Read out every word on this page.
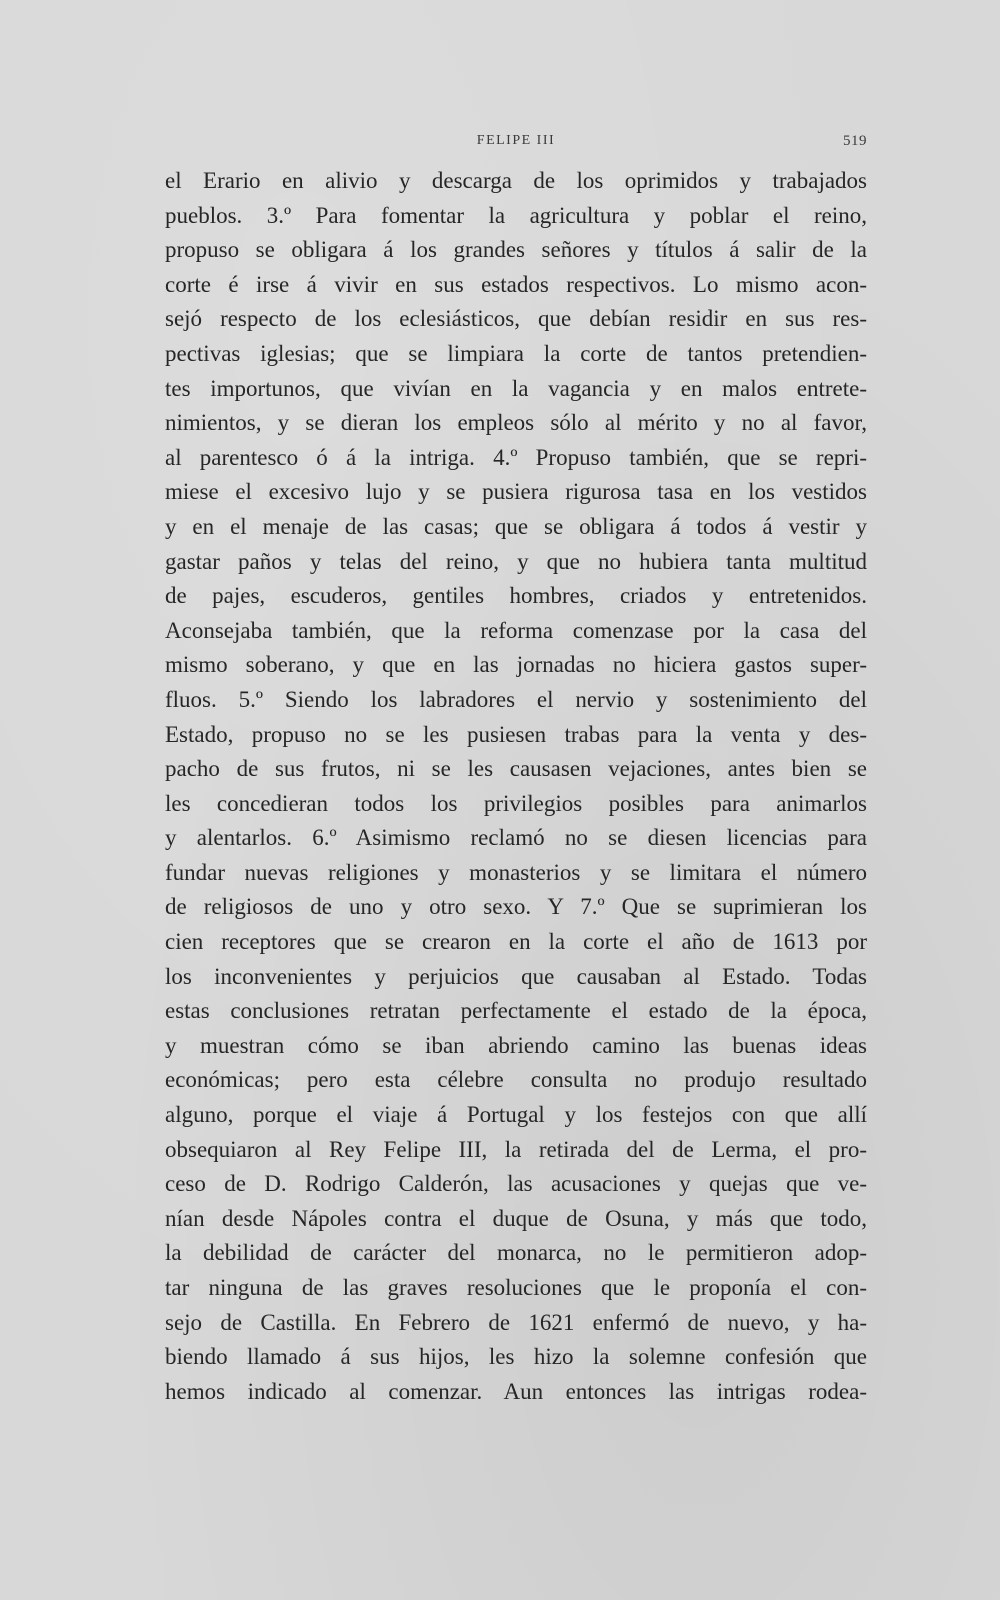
FELIPE III	519
el Erario en alivio y descarga de los oprimidos y trabajados
pueblos. 3.º Para fomentar la agricultura y poblar el reino,
propuso se obligara á los grandes señores y títulos á salir de la
corte é irse á vivir en sus estados respectivos. Lo mismo acon-
sejó respecto de los eclesiásticos, que debían residir en sus res-
pectivas iglesias; que se limpiara la corte de tantos pretendien-
tes importunos, que vivían en la vagancia y en malos entrete-
nimientos, y se dieran los empleos sólo al mérito y no al favor,
al parentesco ó á la intriga. 4.º Propuso también, que se repri-
miese el excesivo lujo y se pusiera rigurosa tasa en los vestidos
y en el menaje de las casas; que se obligara á todos á vestir y
gastar paños y telas del reino, y que no hubiera tanta multitud
de pajes, escuderos, gentiles hombres, criados y entretenidos.
Aconsejaba también, que la reforma comenzase por la casa del
mismo soberano, y que en las jornadas no hiciera gastos super-
fluos. 5.º Siendo los labradores el nervio y sostenimiento del
Estado, propuso no se les pusiesen trabas para la venta y des-
pacho de sus frutos, ni se les causasen vejaciones, antes bien se
les concedieran todos los privilegios posibles para animarlos
y alentarlos. 6.º Asimismo reclamó no se diesen licencias para
fundar nuevas religiones y monasterios y se limitara el número
de religiosos de uno y otro sexo. Y 7.º Que se suprimieran los
cien receptores que se crearon en la corte el año de 1613 por
los inconvenientes y perjuicios que causaban al Estado. Todas
estas conclusiones retratan perfectamente el estado de la época,
y muestran cómo se iban abriendo camino las buenas ideas
económicas; pero esta célebre consulta no produjo resultado
alguno, porque el viaje á Portugal y los festejos con que allí
obsequiaron al Rey Felipe III, la retirada del de Lerma, el pro-
ceso de D. Rodrigo Calderón, las acusaciones y quejas que ve-
nían desde Nápoles contra el duque de Osuna, y más que todo,
la debilidad de carácter del monarca, no le permitieron adop-
tar ninguna de las graves resoluciones que le proponía el con-
sejo de Castilla. En Febrero de 1621 enfermó de nuevo, y ha-
biendo llamado á sus hijos, les hizo la solemne confesión que
hemos indicado al comenzar. Aun entonces las intrigas rodea-
